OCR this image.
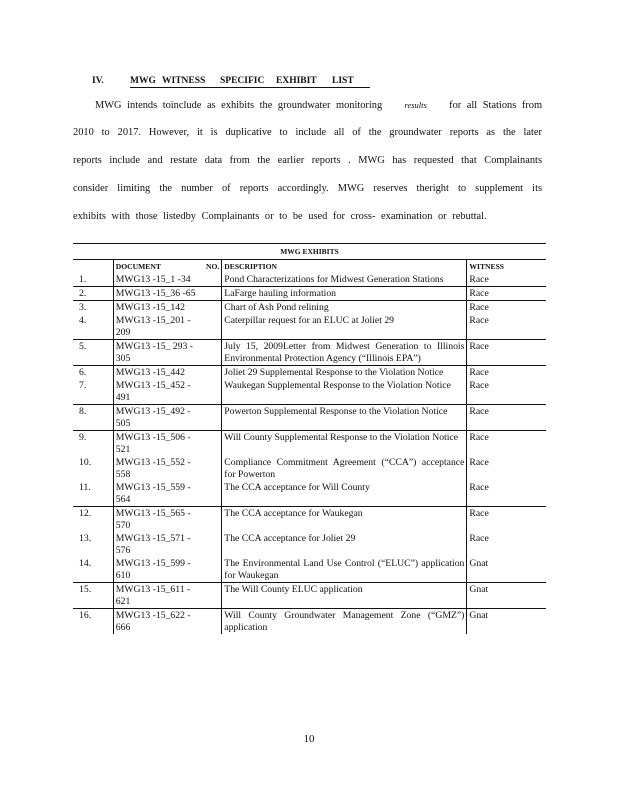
IV.	MWG WITNESS SPECIFIC EXHIBIT LIST
MWG intends toinclude as exhibits the groundwater monitoring	results for all Stations from
2010 to 2017. However, it is duplicative to include all of the groundwater reports as the later
reports include and restate data from the earlier reports . MWG has requested that Complainants
consider limiting the number of reports accordingly. MWG reserves theright to supplement its
exhibits with those listedby Complainants or to be used for cross- examination or rebuttal.
MWG EXHIBITS			

	DOCUMENT NO.	DESCRIPTION	WITNESS
1.	MWG13 -15_1 -34	Pond Characterizations for Midwest Generation Stations	Race
2.	MWG13 -15_36 -65	LaFarge hauling information	Race
3.	MWG13 -15_142	Chart of Ash Pond relining	Race
4.	MWG13 -15_201 -
209	Caterpillar request for an ELUC at Joliet 29	Race
5.	MWG13 -15_ 293 -
305	July 15, 2009Letter from Midwest Generation to Illinois Environmental Protection Agency (“Illinois EPA”)	Race
6.	MWG13 -15_442	Joliet 29 Supplemental Response to the Violation Notice	Race
7.	MWG13 -15_452 -
491	Waukegan Supplemental Response to the Violation Notice	Race
8.	MWG13 -15_492 -
505	Powerton Supplemental Response to the Violation Notice	Race
9.	MWG13 -15_506 -
521	Will County Supplemental Response to the Violation Notice	Race
10.	MWG13 -15_552 -
558	Compliance Commitment Agreement (“CCA”) acceptance for Powerton	Race
11.	MWG13 -15_559 -
564	The CCA acceptance for Will County	Race
12.	MWG13 -15_565 -
570	The CCA acceptance for Waukegan	Race
13.	MWG13 -15_571 -
576	The CCA acceptance for Joliet 29	Race
14.	MWG13 -15_599 -
610	The Environmental Land Use Control (“ELUC”) application for Waukegan	Gnat
15.	MWG13 -15_611 -
621	The Will County ELUC application	Gnat
16.	MWG13 -15_622 -
666	Will County Groundwater Management Zone (“GMZ”) application	Gnat
10
